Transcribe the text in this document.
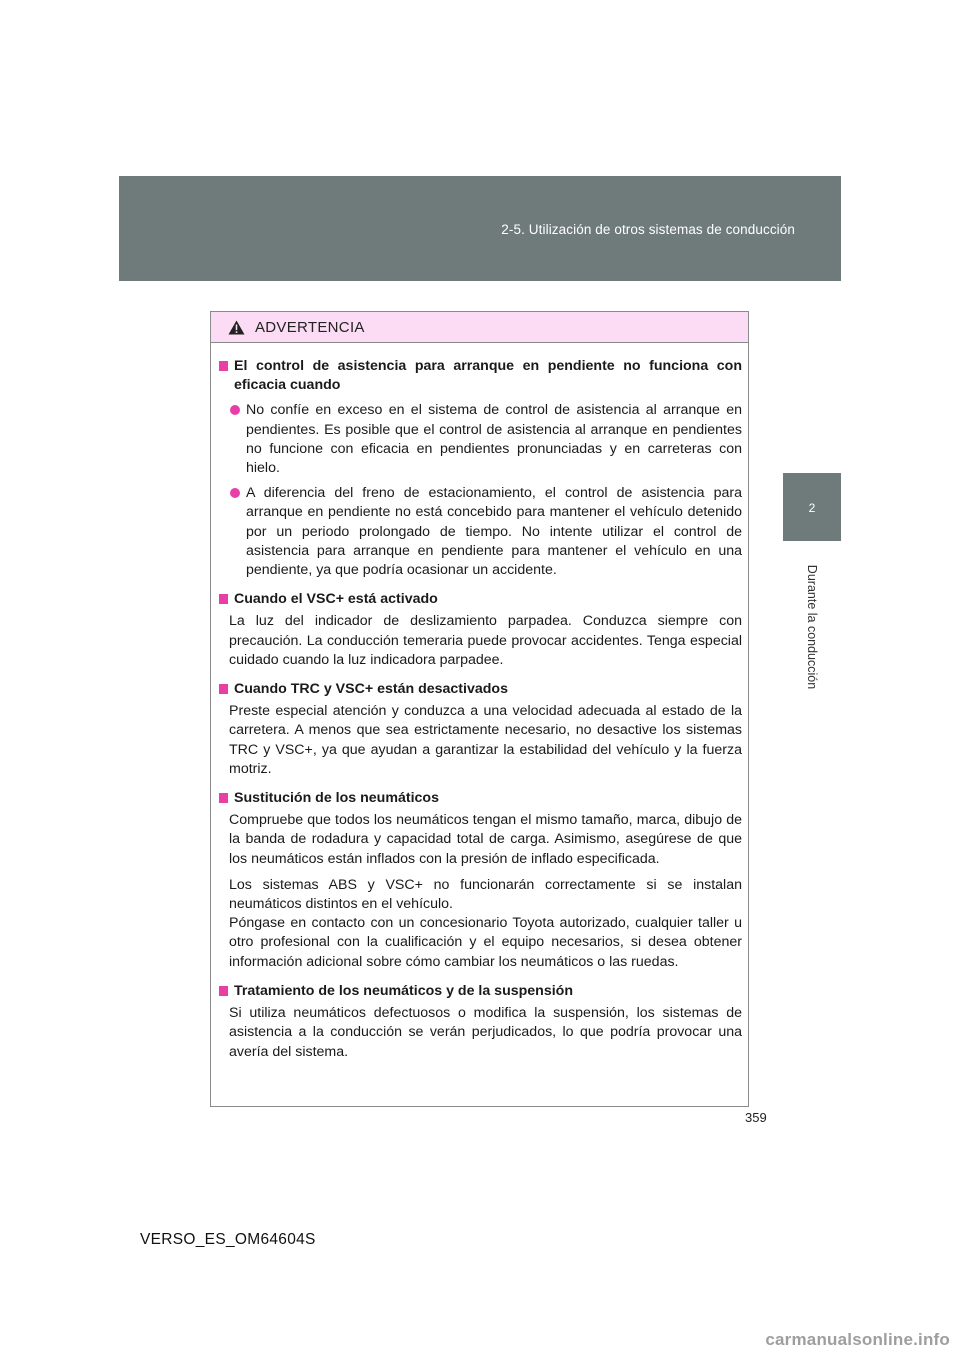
2-5. Utilización de otros sistemas de conducción
2
Durante la conducción
ADVERTENCIA
El control de asistencia para arranque en pendiente no funciona con eficacia cuando
No confíe en exceso en el sistema de control de asistencia al arranque en pendientes. Es posible que el control de asistencia al arranque en pendientes no funcione con eficacia en pendientes pronunciadas y en carreteras con hielo.
A diferencia del freno de estacionamiento, el control de asistencia para arranque en pendiente no está concebido para mantener el vehículo detenido por un periodo prolongado de tiempo. No intente utilizar el control de asistencia para arranque en pendiente para mantener el vehículo en una pendiente, ya que podría ocasionar un accidente.
Cuando el VSC+ está activado
La luz del indicador de deslizamiento parpadea. Conduzca siempre con precaución. La conducción temeraria puede provocar accidentes. Tenga especial cuidado cuando la luz indicadora parpadee.
Cuando TRC y VSC+ están desactivados
Preste especial atención y conduzca a una velocidad adecuada al estado de la carretera. A menos que sea estrictamente necesario, no desactive los sistemas TRC y VSC+, ya que ayudan a garantizar la estabilidad del vehículo y la fuerza motriz.
Sustitución de los neumáticos
Compruebe que todos los neumáticos tengan el mismo tamaño, marca, dibujo de la banda de rodadura y capacidad total de carga. Asimismo, asegúrese de que los neumáticos están inflados con la presión de inflado especificada.
Los sistemas ABS y VSC+ no funcionarán correctamente si se instalan neumáticos distintos en el vehículo.
Póngase en contacto con un concesionario Toyota autorizado, cualquier taller u otro profesional con la cualificación y el equipo necesarios, si desea obtener información adicional sobre cómo cambiar los neumáticos o las ruedas.
Tratamiento de los neumáticos y de la suspensión
Si utiliza neumáticos defectuosos o modifica la suspensión, los sistemas de asistencia a la conducción se verán perjudicados, lo que podría provocar una avería del sistema.
359
VERSO_ES_OM64604S
carmanualsonline.info
